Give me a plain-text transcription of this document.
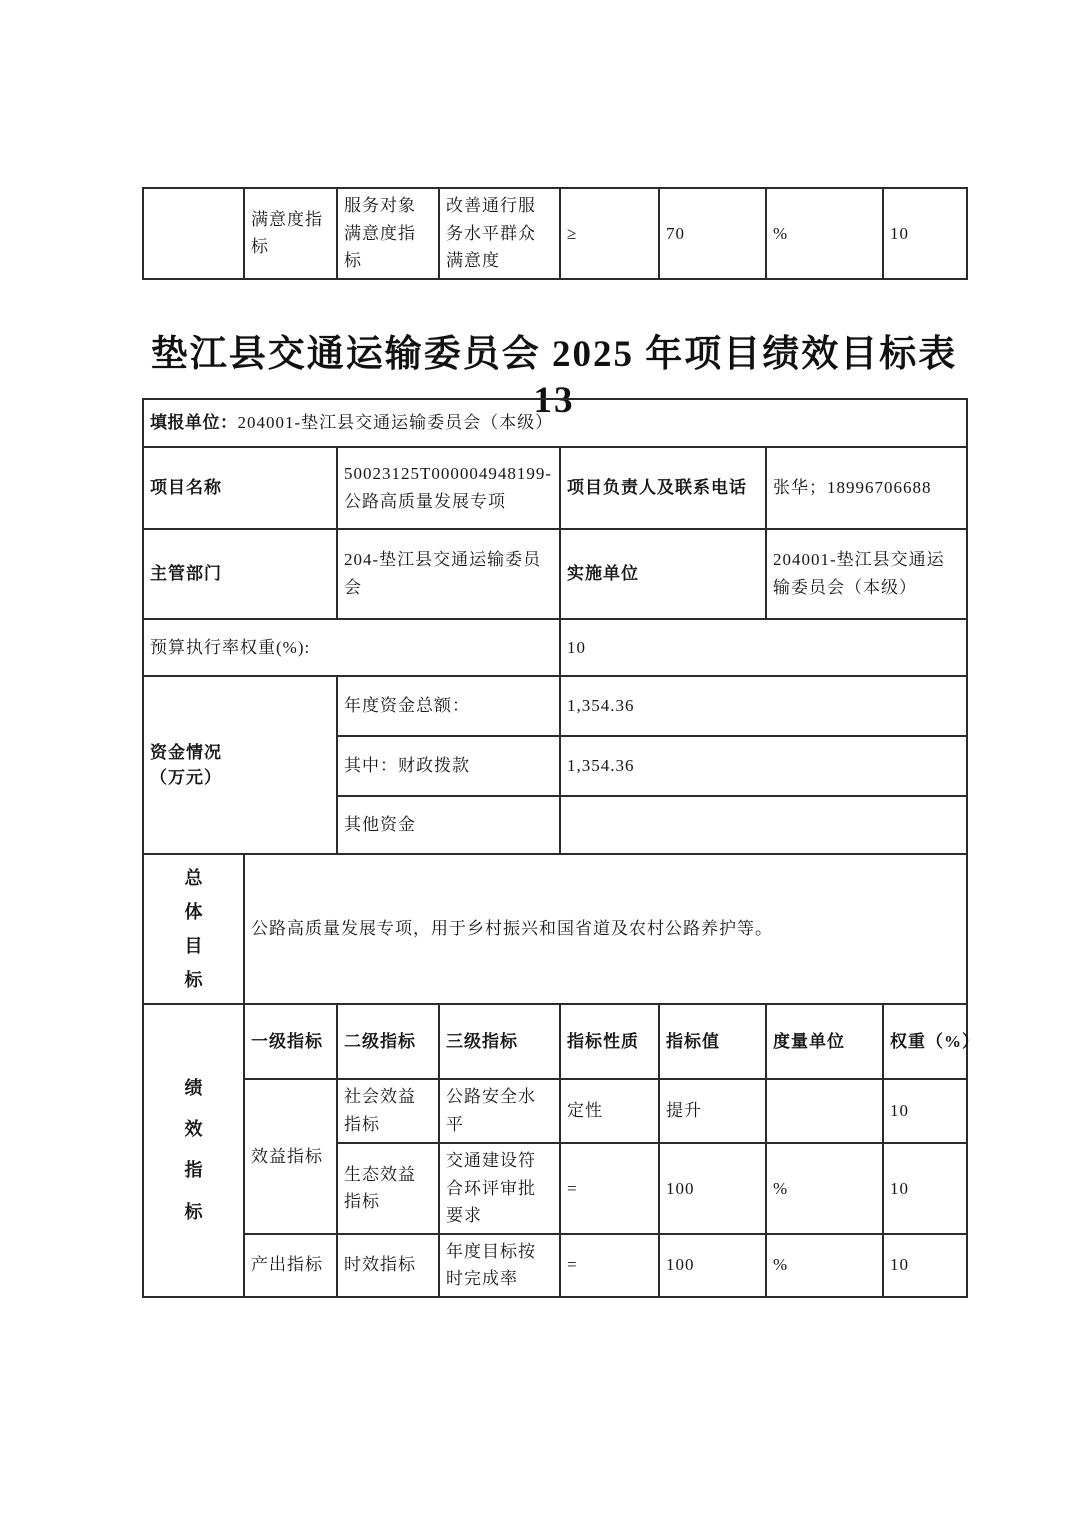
	满意度指标	服务对象满意度指标	改善通行服务水平群众满意度	≥	70	%	10
垫江县交通运输委员会 2025 年项目绩效目标表 13
填报单位：204001-垫江县交通运输委员会（本级）							
项目名称		50023125T000004948199-公路高质量发展专项		项目负责人及联系电话		张华；18996706688	
主管部门		204-垫江县交通运输委员会		实施单位		204001-垫江县交通运输委员会（本级）	
预算执行率权重(%):				10			

资金情况
（万元）		年度资金总额：		1,354.36			
		其中：财政拨款		1,354.36			
		其他资金					

总体目标	公路高质量发展专项，用于乡村振兴和国省道及农村公路养护等。						

绩效指标	一级指标	二级指标	三级指标	指标性质	指标值	度量单位	权重（%）
	效益指标	社会效益指标	公路安全水平	定性	提升		10
		生态效益指标	交通建设符合环评审批要求	=	100	%	10
	产出指标	时效指标	年度目标按时完成率	=	100	%	10
